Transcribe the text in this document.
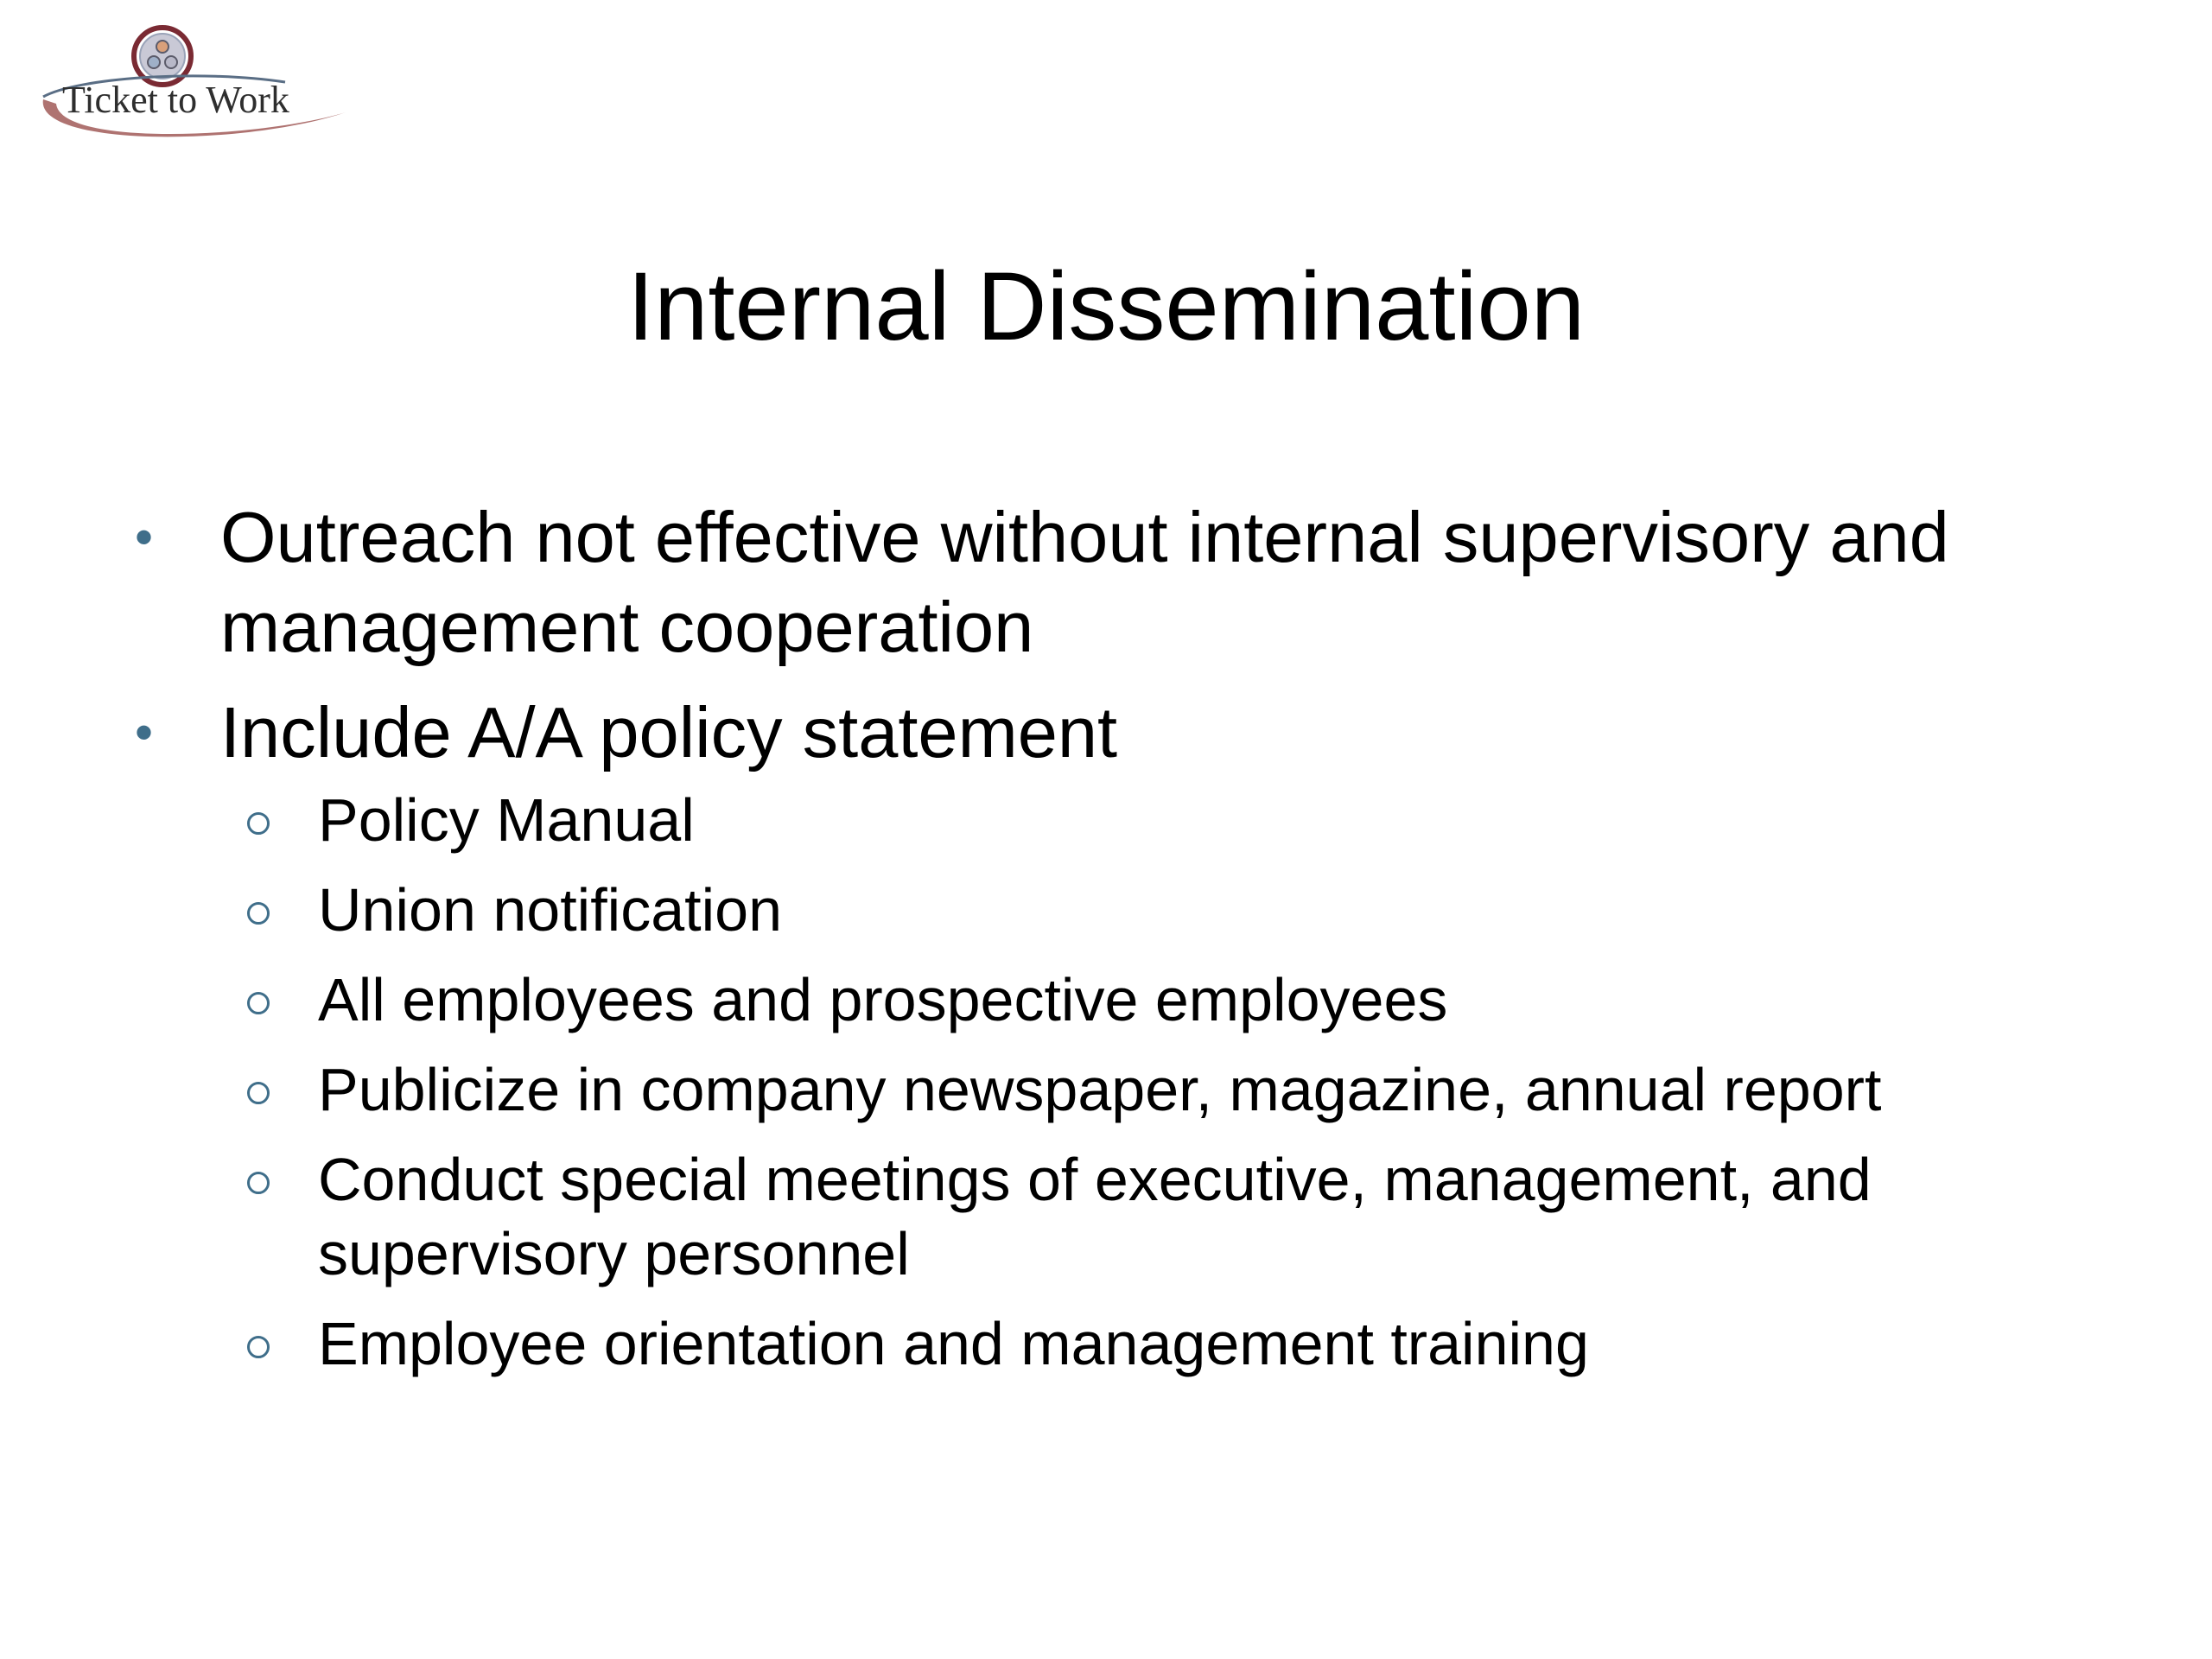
Ticket to Work
Internal Dissemination
• Outreach not effective without internal supervisory and management cooperation
• Include A/A policy statement
Policy Manual
Union notification
All employees and prospective employees
Publicize in company newspaper, magazine, annual report
Conduct special meetings of executive, management, and supervisory personnel
Employee orientation and management training
